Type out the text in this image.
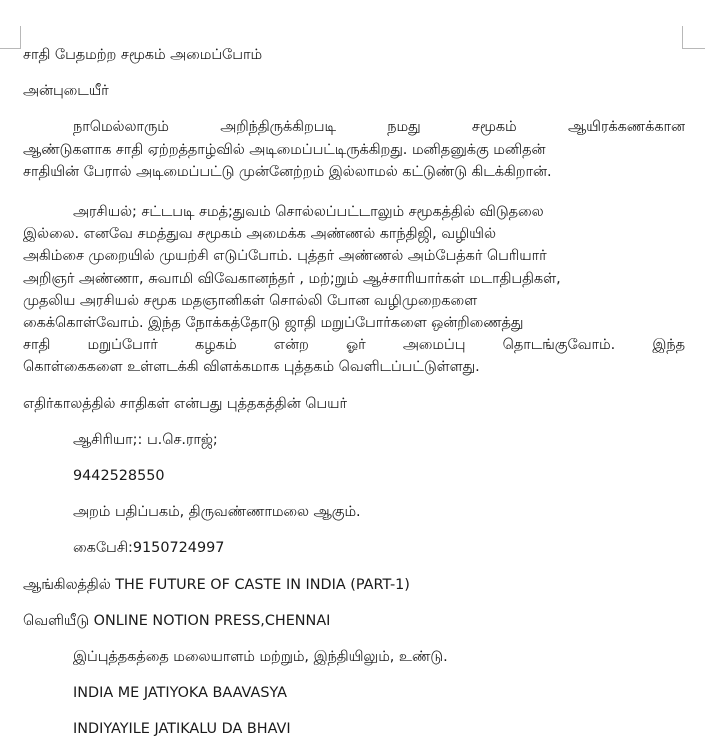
சாதி பேதமற்ற சமூகம் அமைப்போம்

அன்புடையீர்

நாமெல்லாரும்	அறிந்திருக்கிறபடி	நமது	சமூகம்	ஆயிரக்கணக்கான

ஆண்டுகளாக சாதி ஏற்றத்தாழ்வில் அடிமைப்பட்டிருக்கிறது. மனிதனுக்கு மனிதன்

சாதியின் பேரால் அடிமைப்பட்டு முன்னேற்றம் இல்லாமல் கட்டுண்டு கிடக்கிறான்.

அரசியல்; சட்டபடி சமத்;துவம் சொல்லப்பட்டாலும் சமூகத்தில் விடுதலை

இல்லை. எனவே சமத்துவ சமூகம் அமைக்க அண்ணல் காந்திஜி, வழியில்

அகிம்சை முறையில் முயற்சி எடுப்போம். புத்தர் அண்ணல் அம்பேத்கர் பெரியார்

அறிஞர் அண்ணா, சுவாமி விவேகானந்தர் , மற்;றும் ஆச்சாரியார்கள் மடாதிபதிகள்,

முதலிய அரசியல் சமூக மதஞானிகள் சொல்லி போன வழிமுறைகளை

கைக்கொள்வோம். இந்த நோக்கத்தோடு ஜாதி மறுப்போர்களை ஒன்றிணைத்து

சாதி	மறுப்போர்	கழகம்	என்ற	ஓர்	அமைப்பு	தொடங்குவோம்.	இந்த

கொள்கைகளை உள்ளடக்கி விளக்கமாக புத்தகம் வெளிடப்பட்டுள்ளது.

எதிர்காலத்தில் சாதிகள் என்பது புத்தகத்தின் பெயர்

ஆசிரியா;: ப.செ.ராஜ்;

9442528550

அறம் பதிப்பகம், திருவண்ணாமலை ஆகும்.

கைபேசி:9150724997

ஆங்கிலத்தில் THE FUTURE OF CASTE IN INDIA (PART-1)

வெளியீடு ONLINE NOTION PRESS,CHENNAI

இப்புத்தகத்தை மலையாளம் மற்றும், இந்தியிலும், உண்டு.

INDIA ME JATIYOKA BAAVASYA

INDIYAYILE JATIKALU DA BHAVI
